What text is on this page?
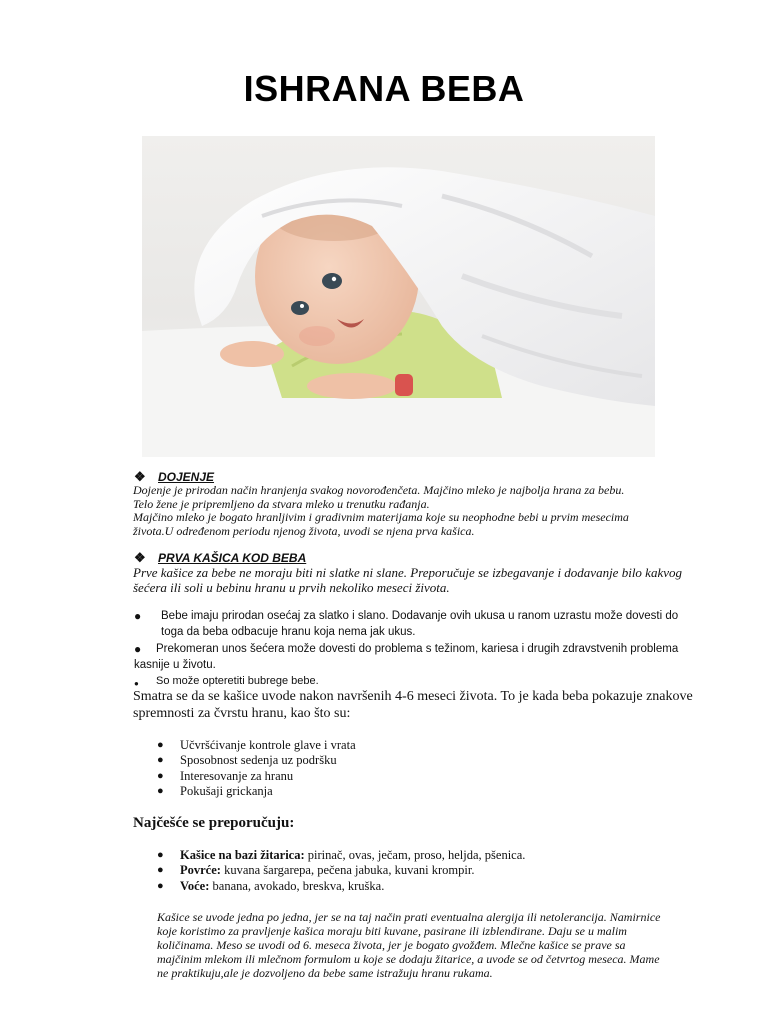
ISHRANA BEBA
❖ DOJENJE
Dojenje je prirodan način hranjenja svakog novorođenčeta. Majčino mleko je najbolja hrana za bebu.
Telo žene je pripremljeno da stvara mleko u trenutku rađanja.
Majčino mleko je bogato hranljivim i gradivnim materijama koje su neophodne bebi u prvim mesecima
života.U određenom periodu njenog života, uvodi se njena prva kašica.
❖ PRVA KAŠICA KOD BEBA
Prve kašice za bebe ne moraju biti ni slatke ni slane. Preporučuje se izbegavanje i dodavanje bilo kakvog
šećera ili soli u bebinu hranu u prvih nekoliko meseci života.
●	Bebe imaju prirodan osećaj za slatko i slano. Dodavanje ovih ukusa u ranom uzrastu može dovesti do
toga da beba odbacuje hranu koja nema jak ukus.
●	Prekomeran unos šećera može dovesti do problema s težinom, kariesa i drugih zdravstvenih problema
kasnije u životu.
●	So može opteretiti bubrege bebe.
Smatra se da se kašice uvode nakon navršenih 4-6 meseci života. To je kada beba pokazuje znakove
spremnosti za čvrstu hranu, kao što su:
● Učvršćivanje kontrole glave i vrata
● Sposobnost sedenja uz podršku
● Interesovanje za hranu
● Pokušaji grickanja
Najčešće se preporučuju:
● Kašice na bazi žitarica: pirinač, ovas, ječam, proso, heljda, pšenica.
● Povrće: kuvana šargarepa, pečena jabuka, kuvani krompir.
● Voće: banana, avokado, breskva, kruška.
Kašice se uvode jedna po jedna, jer se na taj način prati eventualna alergija ili netolerancija. Namirnice
koje koristimo za pravljenje kašica moraju biti kuvane, pasirane ili izblendirane. Daju se u malim
količinama. Meso se uvodi od 6. meseca života, jer je bogato gvožđem. Mlečne kašice se prave sa
majčinim mlekom ili mlečnom formulom u koje se dodaju žitarice, a uvode se od četvrtog meseca. Mame
ne praktikuju,ale je dozvoljeno da bebe same istražuju hranu rukama.
